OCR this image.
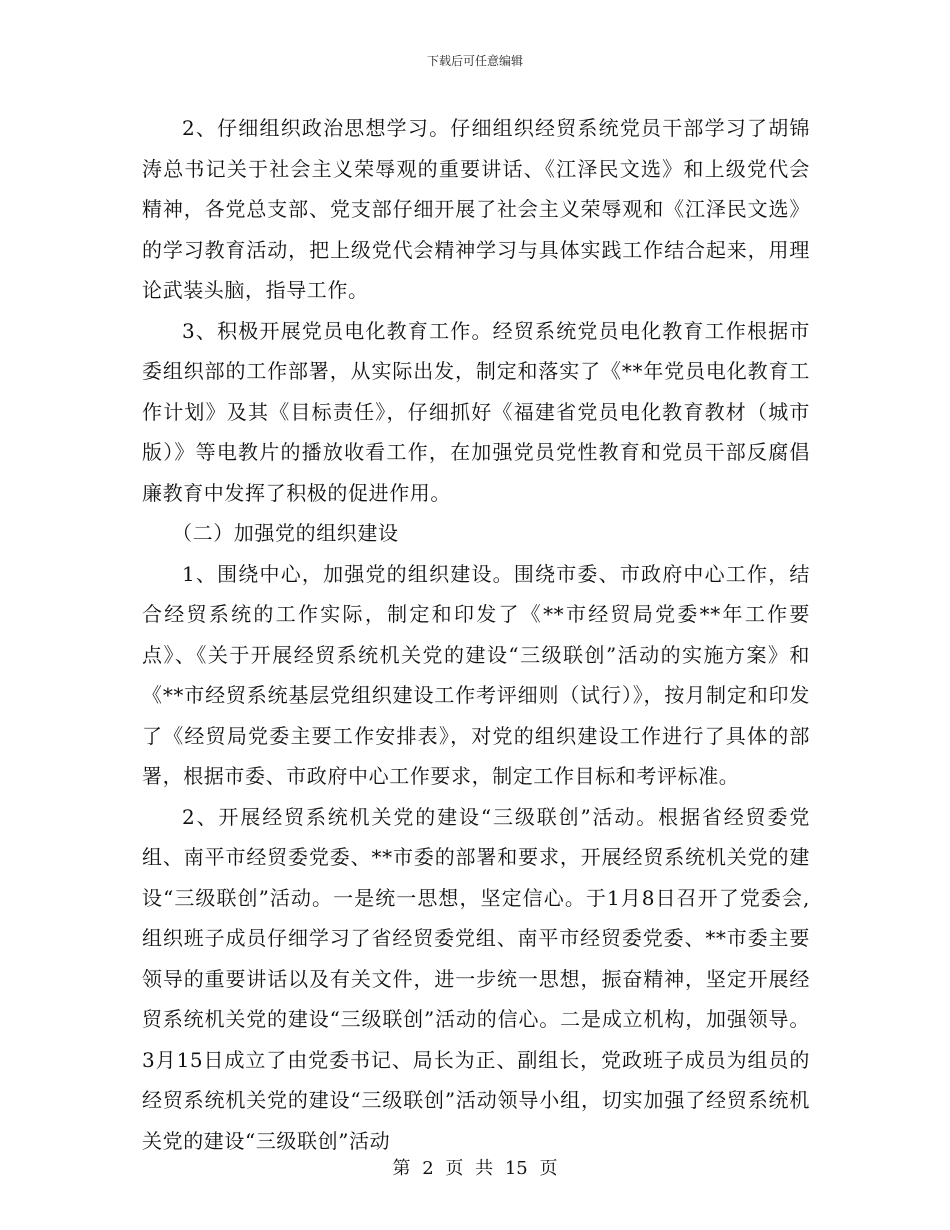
下载后可任意编辑

2、仔细组织政治思想学习。仔细组织经贸系统党员干部学习了胡锦涛总书记关于社会主义荣辱观的重要讲话、《江泽民文选》和上级党代会精神，各党总支部、党支部仔细开展了社会主义荣辱观和《江泽民文选》的学习教育活动，把上级党代会精神学习与具体实践工作结合起来，用理论武装头脑，指导工作。

3、积极开展党员电化教育工作。经贸系统党员电化教育工作根据市委组织部的工作部署，从实际出发，制定和落实了《**年党员电化教育工作计划》及其《目标责任》，仔细抓好《福建省党员电化教育教材（城市版）》等电教片的播放收看工作，在加强党员党性教育和党员干部反腐倡廉教育中发挥了积极的促进作用。

（二）加强党的组织建设

1、围绕中心，加强党的组织建设。围绕市委、市政府中心工作，结合经贸系统的工作实际，制定和印发了《**市经贸局党委**年工作要点》、《关于开展经贸系统机关党的建设“三级联创”活动的实施方案》和《**市经贸系统基层党组织建设工作考评细则（试行）》，按月制定和印发了《经贸局党委主要工作安排表》，对党的组织建设工作进行了具体的部署，根据市委、市政府中心工作要求，制定工作目标和考评标准。

2、开展经贸系统机关党的建设“三级联创”活动。根据省经贸委党组、南平市经贸委党委、**市委的部署和要求，开展经贸系统机关党的建设“三级联创”活动。一是统一思想，坚定信心。于1月8日召开了党委会,组织班子成员仔细学习了省经贸委党组、南平市经贸委党委、**市委主要领导的重要讲话以及有关文件，进一步统一思想，振奋精神，坚定开展经贸系统机关党的建设“三级联创”活动的信心。二是成立机构，加强领导。3月15日成立了由党委书记、局长为正、副组长，党政班子成员为组员的经贸系统机关党的建设“三级联创”活动领导小组，切实加强了经贸系统机关党的建设“三级联创”活动

第 2 页 共 15 页
